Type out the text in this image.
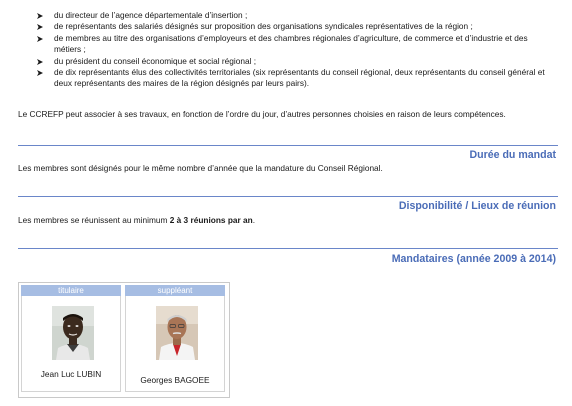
du directeur de l’agence départementale d’insertion ;
de représentants des salariés désignés sur proposition des organisations syndicales représentatives de la région ;
de membres au titre des organisations d’employeurs et des chambres régionales d’agriculture, de commerce et d’industrie et des métiers ;
du président du conseil économique et social régional ;
de dix représentants élus des collectivités territoriales (six représentants du conseil régional, deux représentants du conseil général et deux représentants des maires de la région désignés par leurs pairs).
Le CCREFP peut associer à ses travaux, en fonction de l’ordre du jour, d’autres personnes choisies en raison de leurs compétences.
Durée du mandat
Les membres sont désignés pour le même nombre d’année que la mandature du Conseil Régional.
Disponibilité / Lieux de réunion
Les membres se réunissent au minimum 2 à 3 réunions par an.
Mandataires (année 2009 à 2014)
titulaire
Jean Luc LUBIN
suppléant
Georges BAGOEE
